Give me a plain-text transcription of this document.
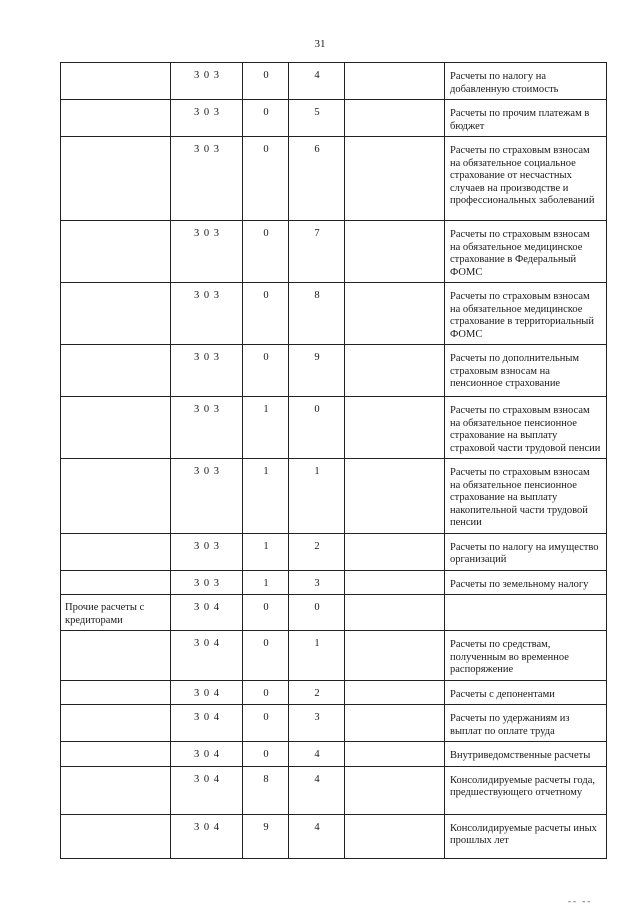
31
	3 0 3	0	4		Расчеты по налогу на добавленную стоимость
	3 0 3	0	5		Расчеты по прочим платежам в бюджет
	3 0 3	0	6		Расчеты по страховым взносам на обязательное социальное страхование от несчастных случаев на производстве и профессиональных заболеваний
	3 0 3	0	7		Расчеты по страховым взносам на обязательное медицинское страхование в Федеральный ФОМС
	3 0 3	0	8		Расчеты по страховым взносам на обязательное медицинское страхование в территориальный ФОМС
	3 0 3	0	9		Расчеты по дополнительным страховым взносам на пенсионное страхование
	3 0 3	1	0		Расчеты по страховым взносам на обязательное пенсионное страхование на выплату страховой части трудовой пенсии
	3 0 3	1	1		Расчеты по страховым взносам на обязательное пенсионное страхование на выплату накопительной части трудовой пенсии
	3 0 3	1	2		Расчеты по налогу на имущество организаций
	3 0 3	1	3		Расчеты по земельному налогу
Прочие расчеты с кредиторами	3 0 4	0	0		
	3 0 4	0	1		Расчеты по средствам, полученным во временное распоряжение
	3 0 4	0	2		Расчеты с депонентами
	3 0 4	0	3		Расчеты по удержаниям из выплат по оплате труда
	3 0 4	0	4		Внутриведомственные расчеты
	3 0 4	8	4		Консолидируемые расчеты года, предшествующего отчетному
	3 0 4	9	4		Консолидируемые расчеты иных прошлых лет
-- --
